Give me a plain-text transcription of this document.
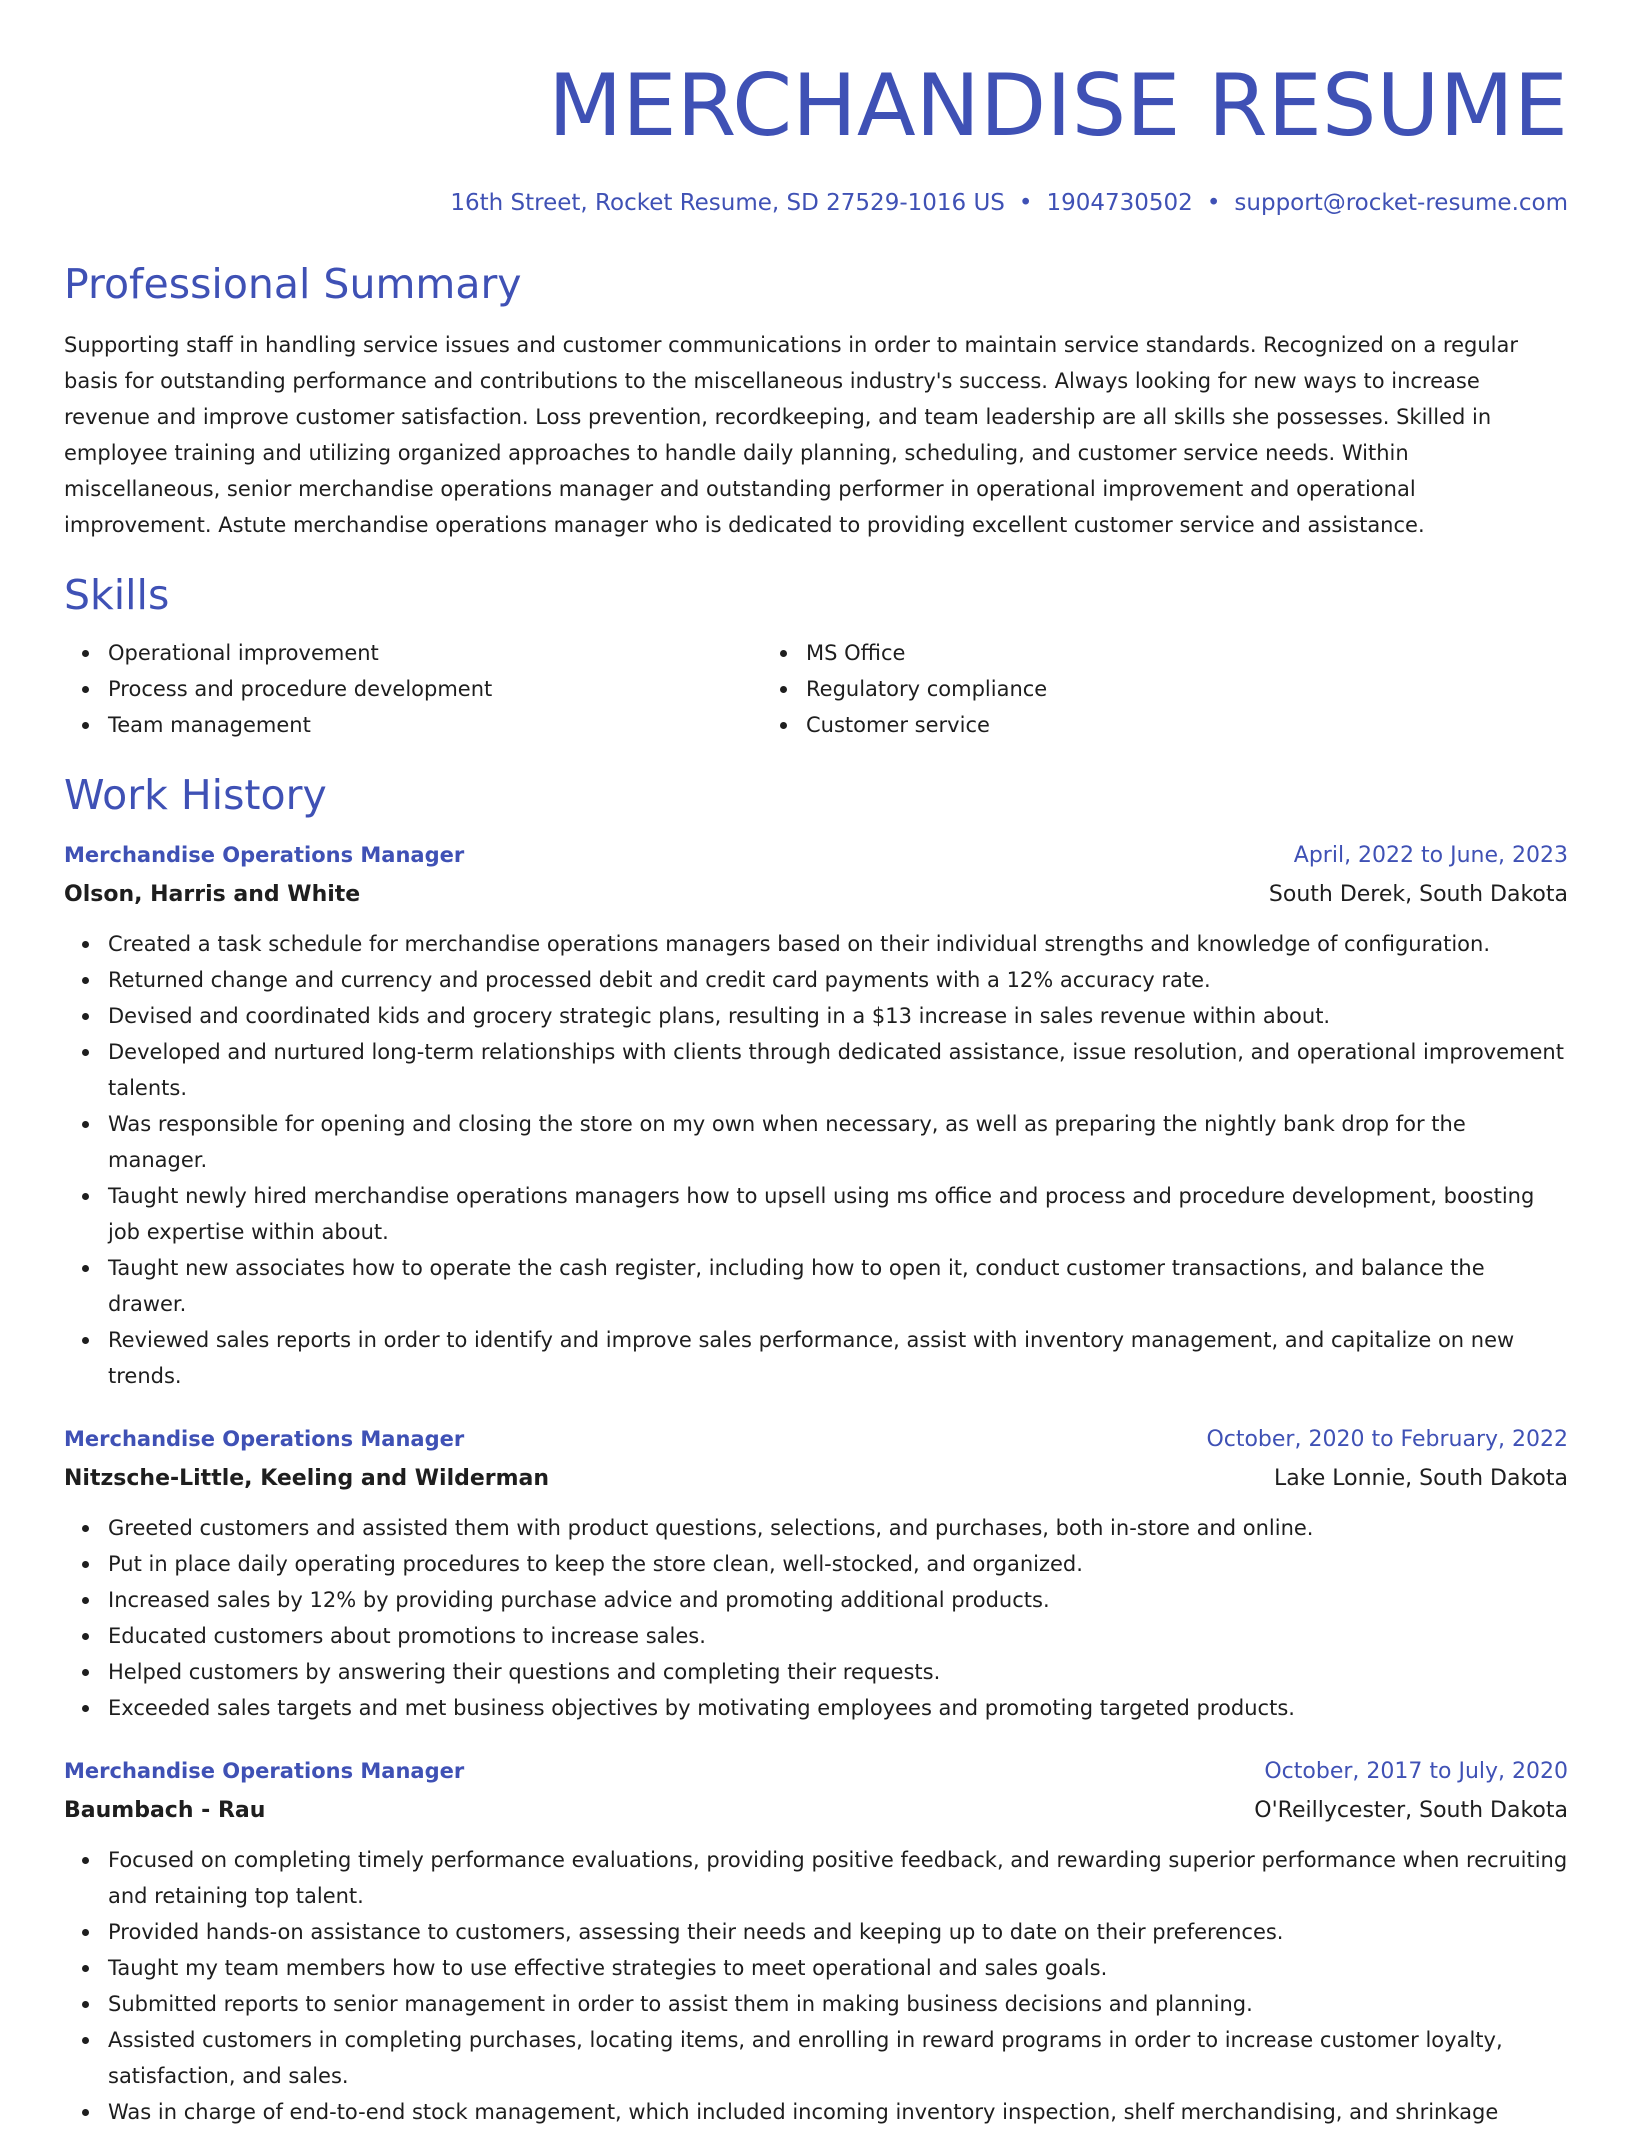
MERCHANDISE RESUME
16th Street, Rocket Resume, SD 27529-1016 US • 1904730502 • support@rocket-resume.com
Professional Summary

Supporting staff in handling service issues and customer communications in order to maintain service standards. Recognized on a regular basis for outstanding performance and contributions to the miscellaneous industry's success. Always looking for new ways to increase revenue and improve customer satisfaction. Loss prevention, recordkeeping, and team leadership are all skills she possesses. Skilled in employee training and utilizing organized approaches to handle daily planning, scheduling, and customer service needs. Within miscellaneous, senior merchandise operations manager and outstanding performer in operational improvement and operational improvement. Astute merchandise operations manager who is dedicated to providing excellent customer service and assistance.

Skills
Operational improvement
Process and procedure development
Team management
MS Office
Regulatory compliance
Customer service
Work History
Merchandise Operations Manager	April, 2022 to June, 2023
Olson, Harris and White	South Derek, South Dakota
Created a task schedule for merchandise operations managers based on their individual strengths and knowledge of configuration.
Returned change and currency and processed debit and credit card payments with a 12% accuracy rate.
Devised and coordinated kids and grocery strategic plans, resulting in a $13 increase in sales revenue within about.
Developed and nurtured long-term relationships with clients through dedicated assistance, issue resolution, and operational improvement talents.
Was responsible for opening and closing the store on my own when necessary, as well as preparing the nightly bank drop for the manager.
Taught newly hired merchandise operations managers how to upsell using ms office and process and procedure development, boosting job expertise within about.
Taught new associates how to operate the cash register, including how to open it, conduct customer transactions, and balance the drawer.
Reviewed sales reports in order to identify and improve sales performance, assist with inventory management, and capitalize on new trends.
Merchandise Operations Manager	October, 2020 to February, 2022
Nitzsche-Little, Keeling and Wilderman	Lake Lonnie, South Dakota
Greeted customers and assisted them with product questions, selections, and purchases, both in-store and online.
Put in place daily operating procedures to keep the store clean, well-stocked, and organized.
Increased sales by 12% by providing purchase advice and promoting additional products.
Educated customers about promotions to increase sales.
Helped customers by answering their questions and completing their requests.
Exceeded sales targets and met business objectives by motivating employees and promoting targeted products.
Merchandise Operations Manager	October, 2017 to July, 2020
Baumbach - Rau	O'Reillycester, South Dakota
Focused on completing timely performance evaluations, providing positive feedback, and rewarding superior performance when recruiting and retaining top talent.
Provided hands-on assistance to customers, assessing their needs and keeping up to date on their preferences.
Taught my team members how to use effective strategies to meet operational and sales goals.
Submitted reports to senior management in order to assist them in making business decisions and planning.
Assisted customers in completing purchases, locating items, and enrolling in reward programs in order to increase customer loyalty, satisfaction, and sales.
Was in charge of end-to-end stock management, which included incoming inventory inspection, shelf merchandising, and shrinkage
